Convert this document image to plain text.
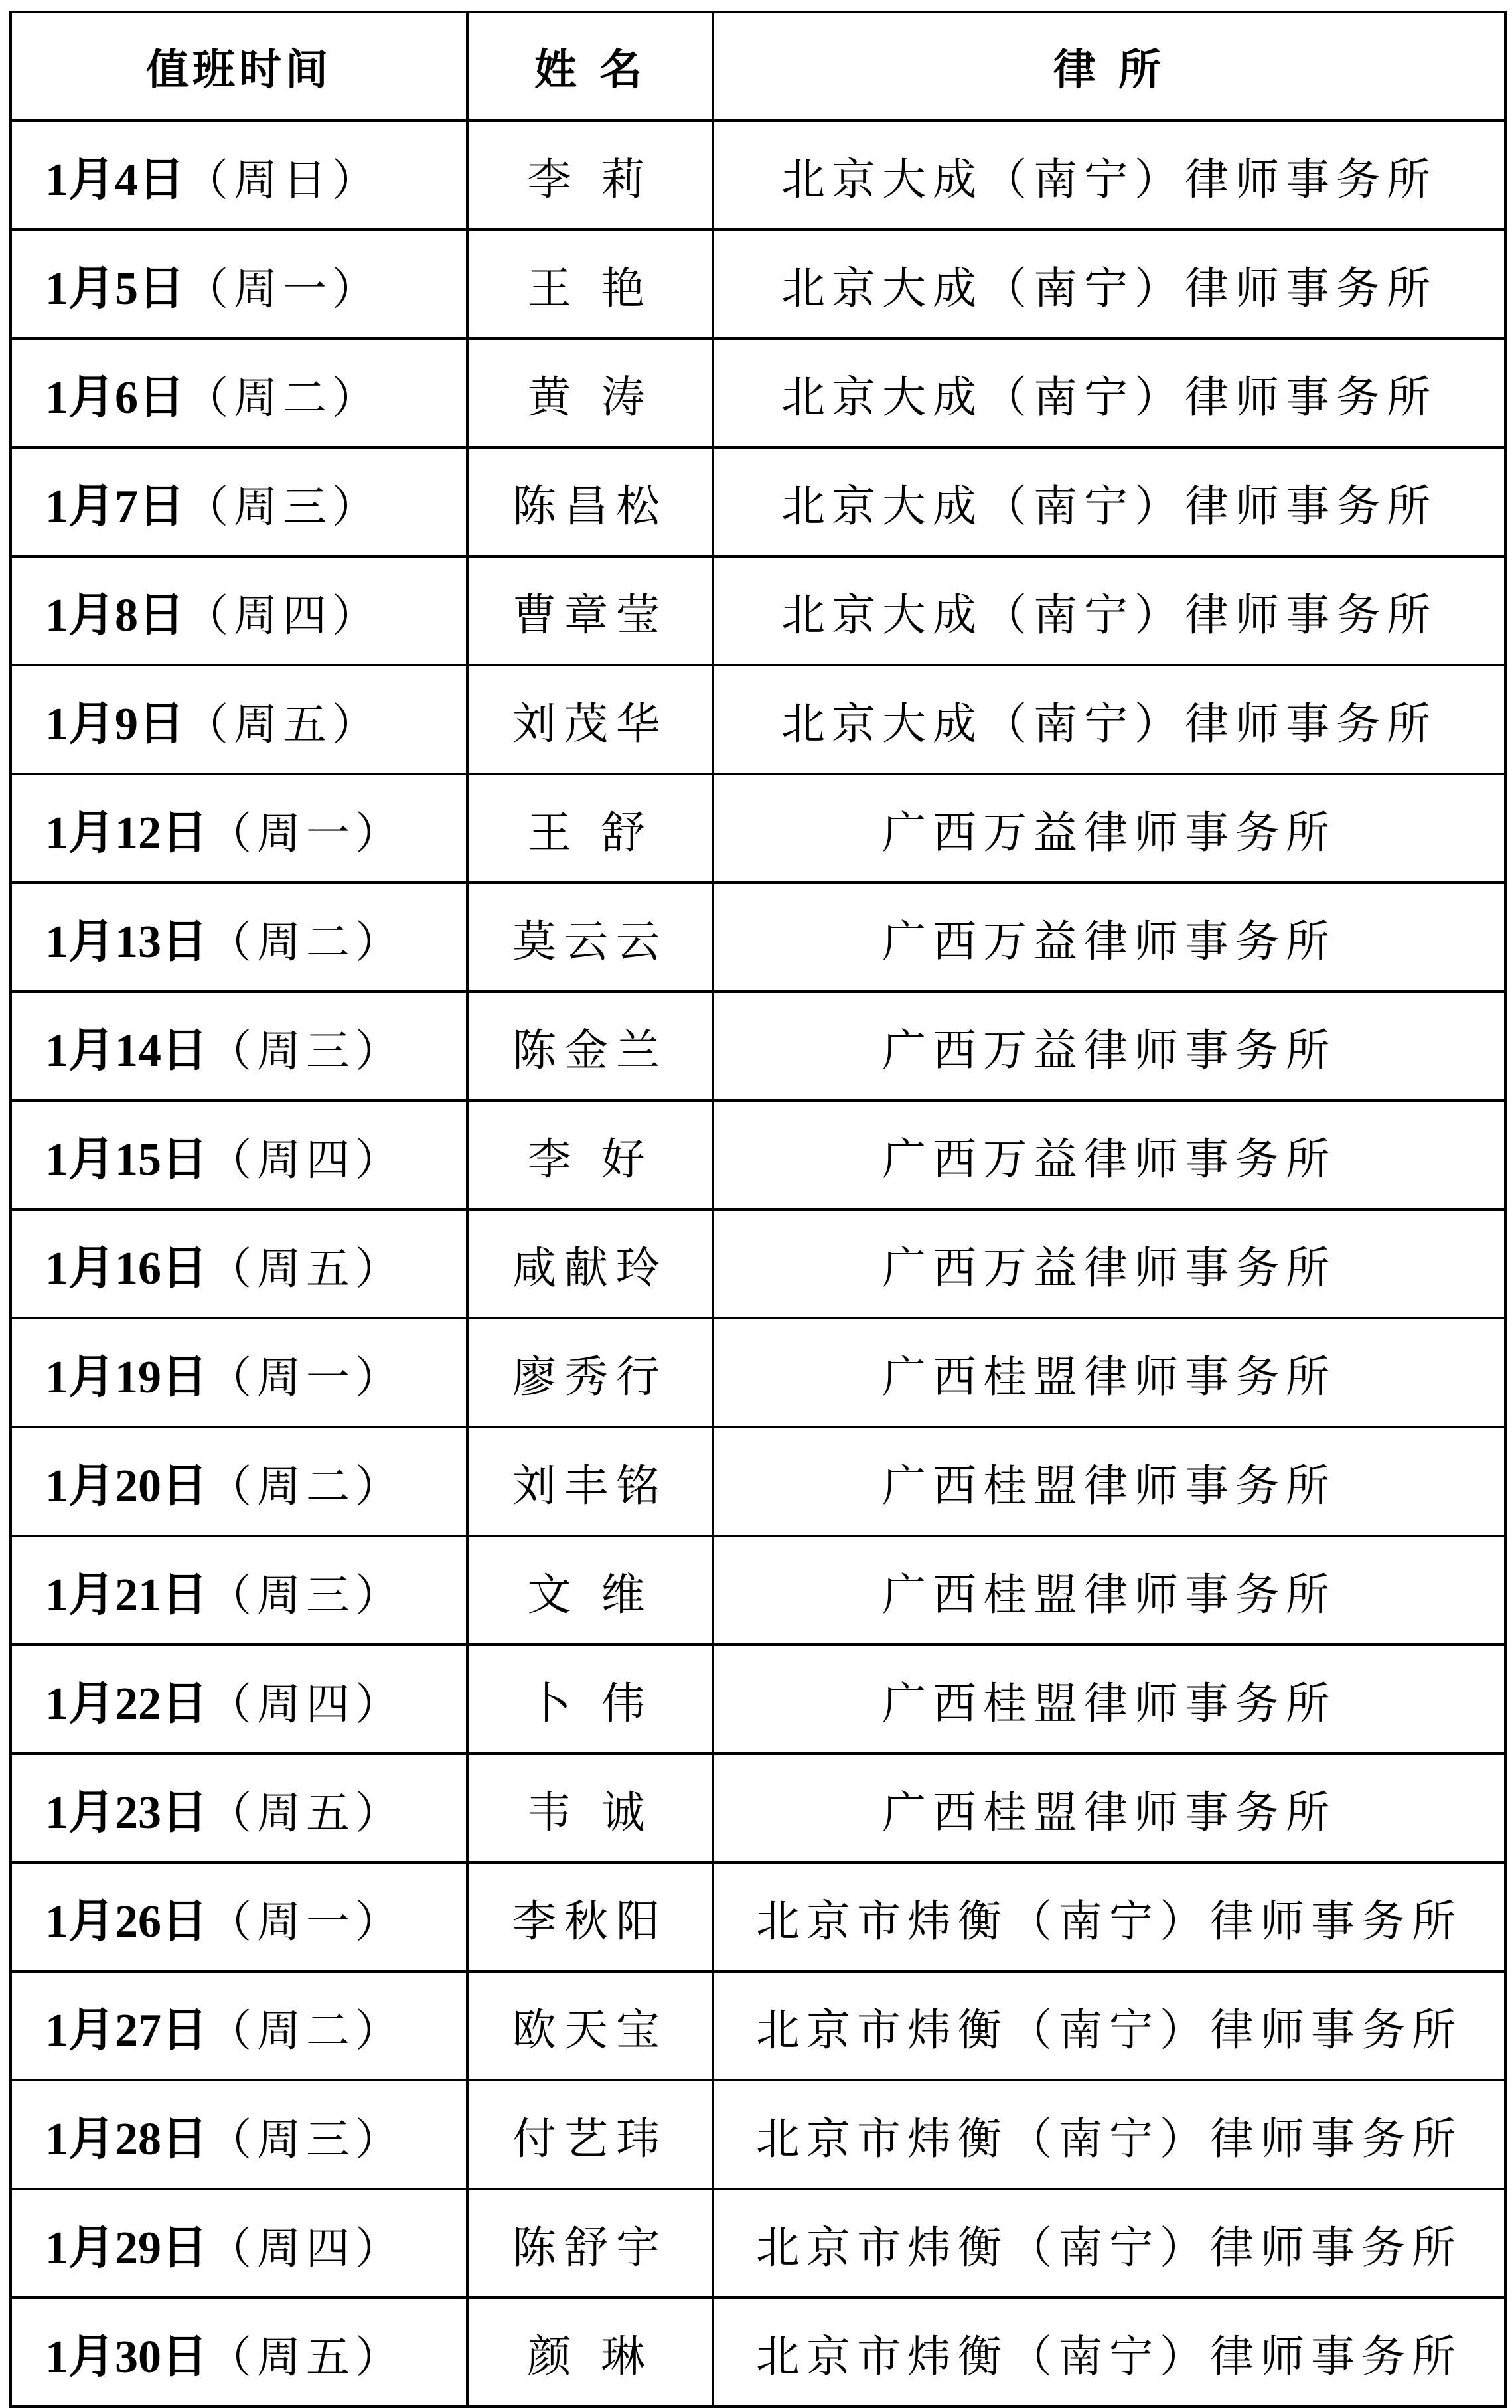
值班时间	姓 名	律 所
1月4日（周日）	李 莉	北京大成（南宁）律师事务所
1月5日（周一）	王 艳	北京大成（南宁）律师事务所
1月6日（周二）	黄 涛	北京大成（南宁）律师事务所
1月7日（周三）	陈昌松	北京大成（南宁）律师事务所
1月8日（周四）	曹章莹	北京大成（南宁）律师事务所
1月9日（周五）	刘茂华	北京大成（南宁）律师事务所
1月12日（周一）	王 舒	广西万益律师事务所
1月13日（周二）	莫云云	广西万益律师事务所
1月14日（周三）	陈金兰	广西万益律师事务所
1月15日（周四）	李 好	广西万益律师事务所
1月16日（周五）	咸献玲	广西万益律师事务所
1月19日（周一）	廖秀行	广西桂盟律师事务所
1月20日（周二）	刘丰铭	广西桂盟律师事务所
1月21日（周三）	文 维	广西桂盟律师事务所
1月22日（周四）	卜 伟	广西桂盟律师事务所
1月23日（周五）	韦 诚	广西桂盟律师事务所
1月26日（周一）	李秋阳	北京市炜衡（南宁）律师事务所
1月27日（周二）	欧天宝	北京市炜衡（南宁）律师事务所
1月28日（周三）	付艺玮	北京市炜衡（南宁）律师事务所
1月29日（周四）	陈舒宇	北京市炜衡（南宁）律师事务所
1月30日（周五）	颜 琳	北京市炜衡（南宁）律师事务所
